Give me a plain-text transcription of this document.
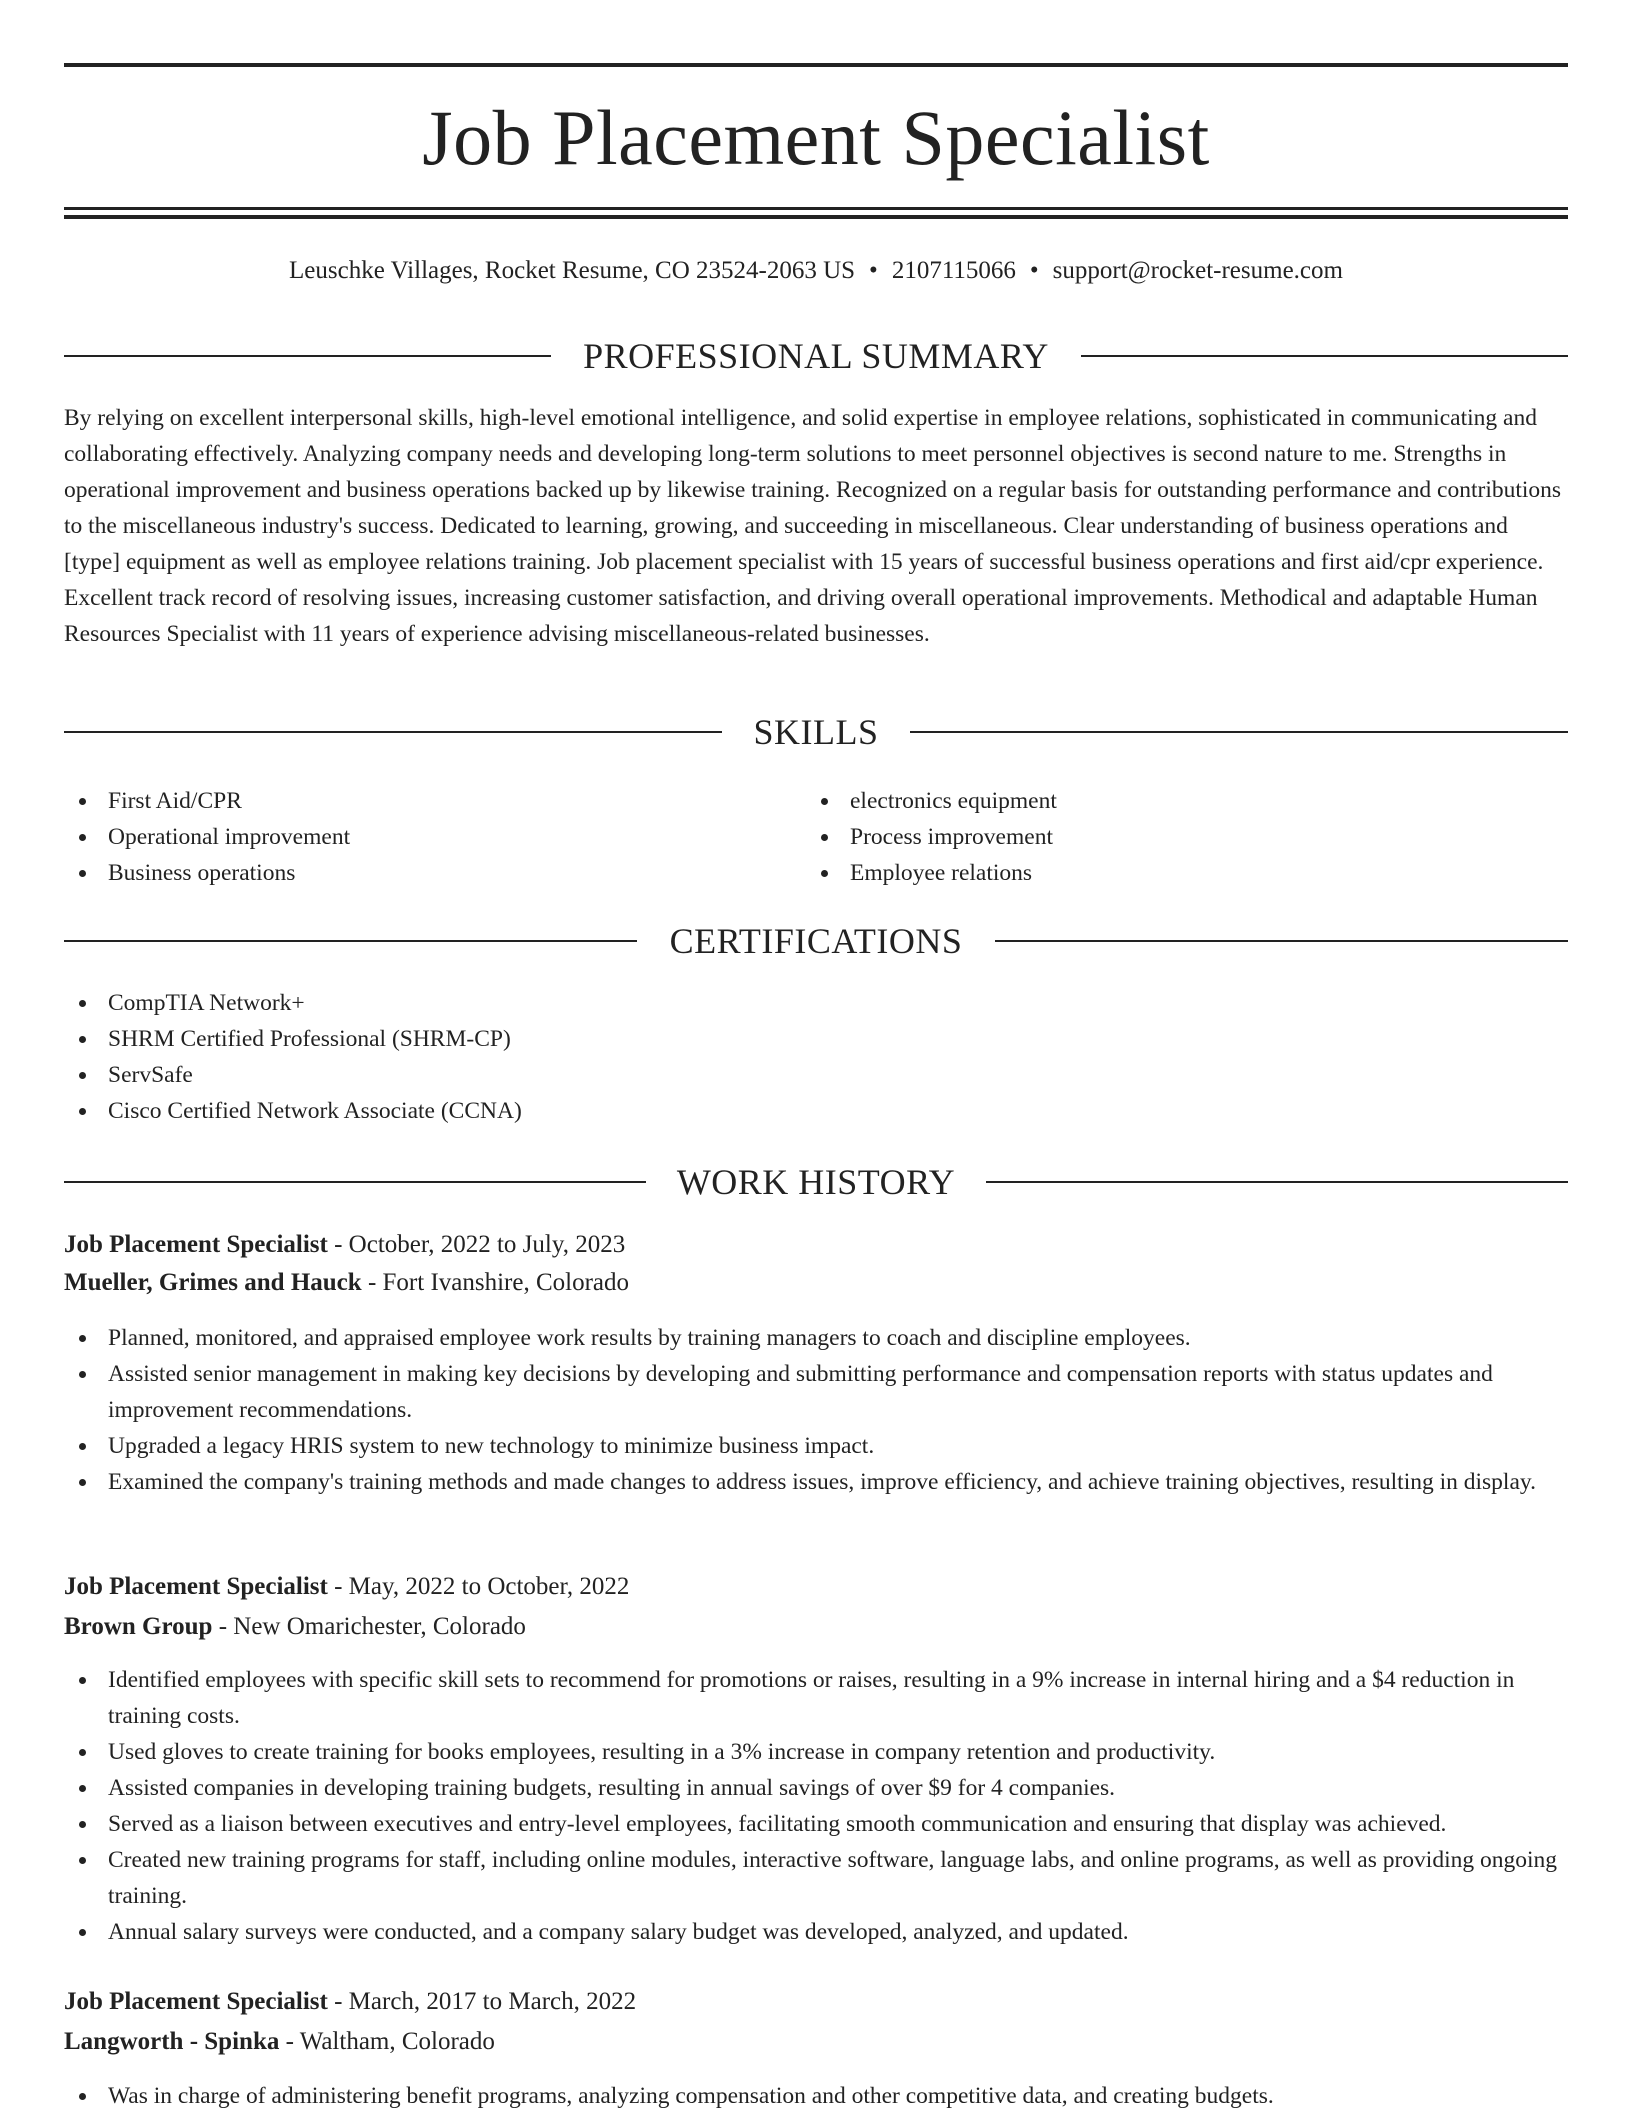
Job Placement Specialist
Leuschke Villages, Rocket Resume, CO 23524-2063 US • 2107115066 • support@rocket-resume.com
PROFESSIONAL SUMMARY

By relying on excellent interpersonal skills, high-level emotional intelligence, and solid expertise in employee relations, sophisticated in communicating and collaborating effectively. Analyzing company needs and developing long-term solutions to meet personnel objectives is second nature to me. Strengths in operational improvement and business operations backed up by likewise training. Recognized on a regular basis for outstanding performance and contributions to the miscellaneous industry's success. Dedicated to learning, growing, and succeeding in miscellaneous. Clear understanding of business operations and [type] equipment as well as employee relations training. Job placement specialist with 15 years of successful business operations and first aid/cpr experience. Excellent track record of resolving issues, increasing customer satisfaction, and driving overall operational improvements. Methodical and adaptable Human Resources Specialist with 11 years of experience advising miscellaneous-related businesses.

SKILLS
First Aid/CPR
Operational improvement
Business operations
electronics equipment
Process improvement
Employee relations
CERTIFICATIONS
CompTIA Network+
SHRM Certified Professional (SHRM-CP)
ServSafe
Cisco Certified Network Associate (CCNA)
WORK HISTORY
Job Placement Specialist - October, 2022 to July, 2023
Mueller, Grimes and Hauck - Fort Ivanshire, Colorado
Planned, monitored, and appraised employee work results by training managers to coach and discipline employees.
Assisted senior management in making key decisions by developing and submitting performance and compensation reports with status updates and improvement recommendations.
Upgraded a legacy HRIS system to new technology to minimize business impact.
Examined the company's training methods and made changes to address issues, improve efficiency, and achieve training objectives, resulting in display.
Job Placement Specialist - May, 2022 to October, 2022
Brown Group - New Omarichester, Colorado
Identified employees with specific skill sets to recommend for promotions or raises, resulting in a 9% increase in internal hiring and a $4 reduction in training costs.
Used gloves to create training for books employees, resulting in a 3% increase in company retention and productivity.
Assisted companies in developing training budgets, resulting in annual savings of over $9 for 4 companies.
Served as a liaison between executives and entry-level employees, facilitating smooth communication and ensuring that display was achieved.
Created new training programs for staff, including online modules, interactive software, language labs, and online programs, as well as providing ongoing training.
Annual salary surveys were conducted, and a company salary budget was developed, analyzed, and updated.
Job Placement Specialist - March, 2017 to March, 2022
Langworth - Spinka - Waltham, Colorado
Was in charge of administering benefit programs, analyzing compensation and other competitive data, and creating budgets.
